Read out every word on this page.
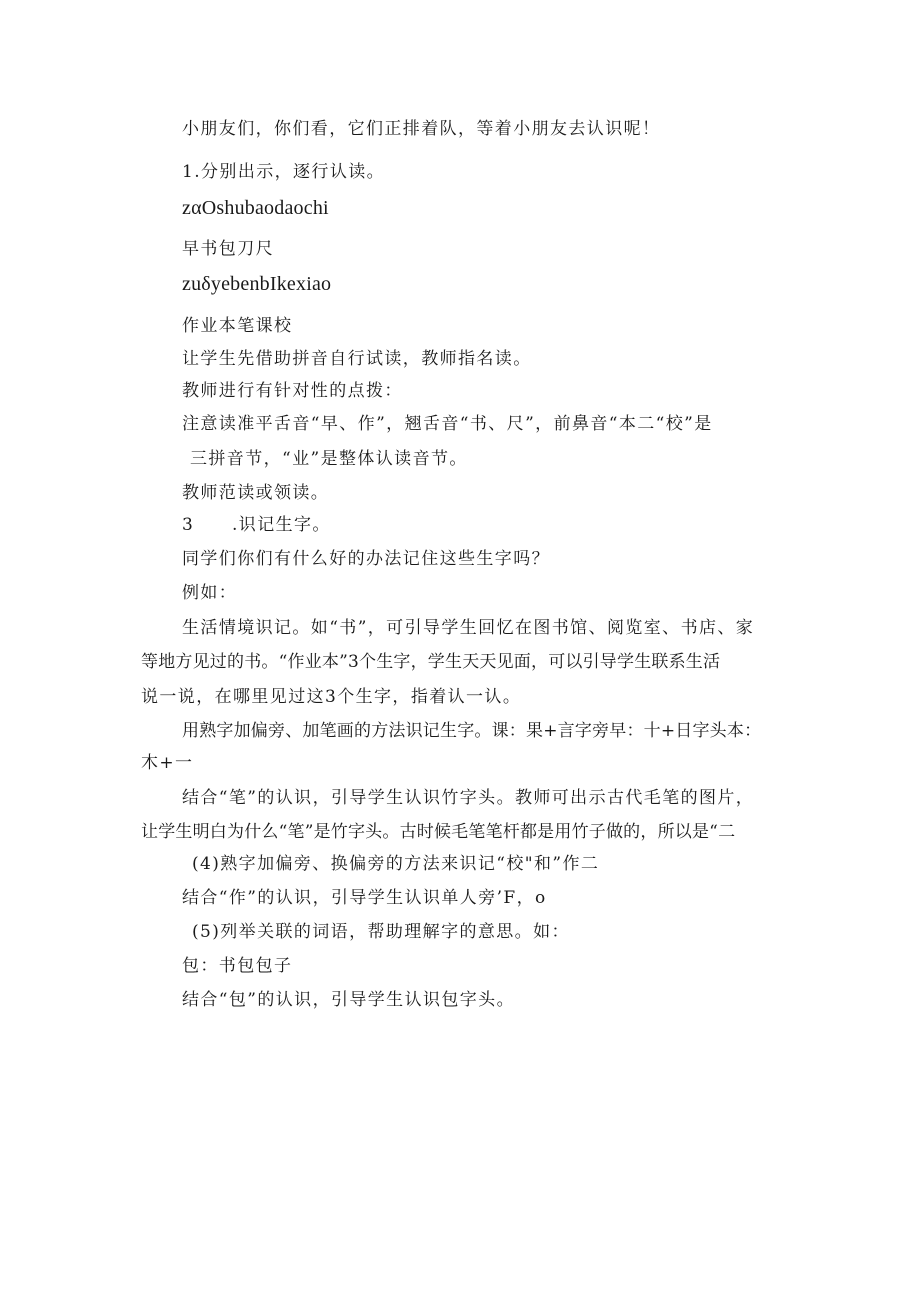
小朋友们，你们看，它们正排着队，等着小朋友去认识呢！
1.分别出示，逐行认读。
zαOshubaodaochi
早书包刀尺
zuδyebenbIkexiao
作业本笔课校
让学生先借助拼音自行试读，教师指名读。
教师进行有针对性的点拨：
注意读准平舌音“早、作”，翘舌音“书、尺”，前鼻音“本二“校”是
三拼音节，“业”是整体认读音节。
教师范读或领读。
3 .识记生字。
同学们你们有什么好的办法记住这些生字吗？
例如：
生活情境识记。如“书”，可引导学生回忆在图书馆、阅览室、书店、家
等地方见过的书。“作业本”3个生字，学生天天见面，可以引导学生联系生活
说一说，在哪里见过这3个生字，指着认一认。
用熟字加偏旁、加笔画的方法识记生字。课：果+言字旁早：十+日字头本：
木+一
结合“笔”的认识，引导学生认识竹字头。教师可出示古代毛笔的图片，
让学生明白为什么“笔”是竹字头。古时候毛笔笔杆都是用竹子做的，所以是“二
(4)熟字加偏旁、换偏旁的方法来识记“校"和”作二
结合“作”的认识，引导学生认识单人旁’F，o
(5)列举关联的词语，帮助理解字的意思。如：
包：书包包子
结合“包”的认识，引导学生认识包字头。
